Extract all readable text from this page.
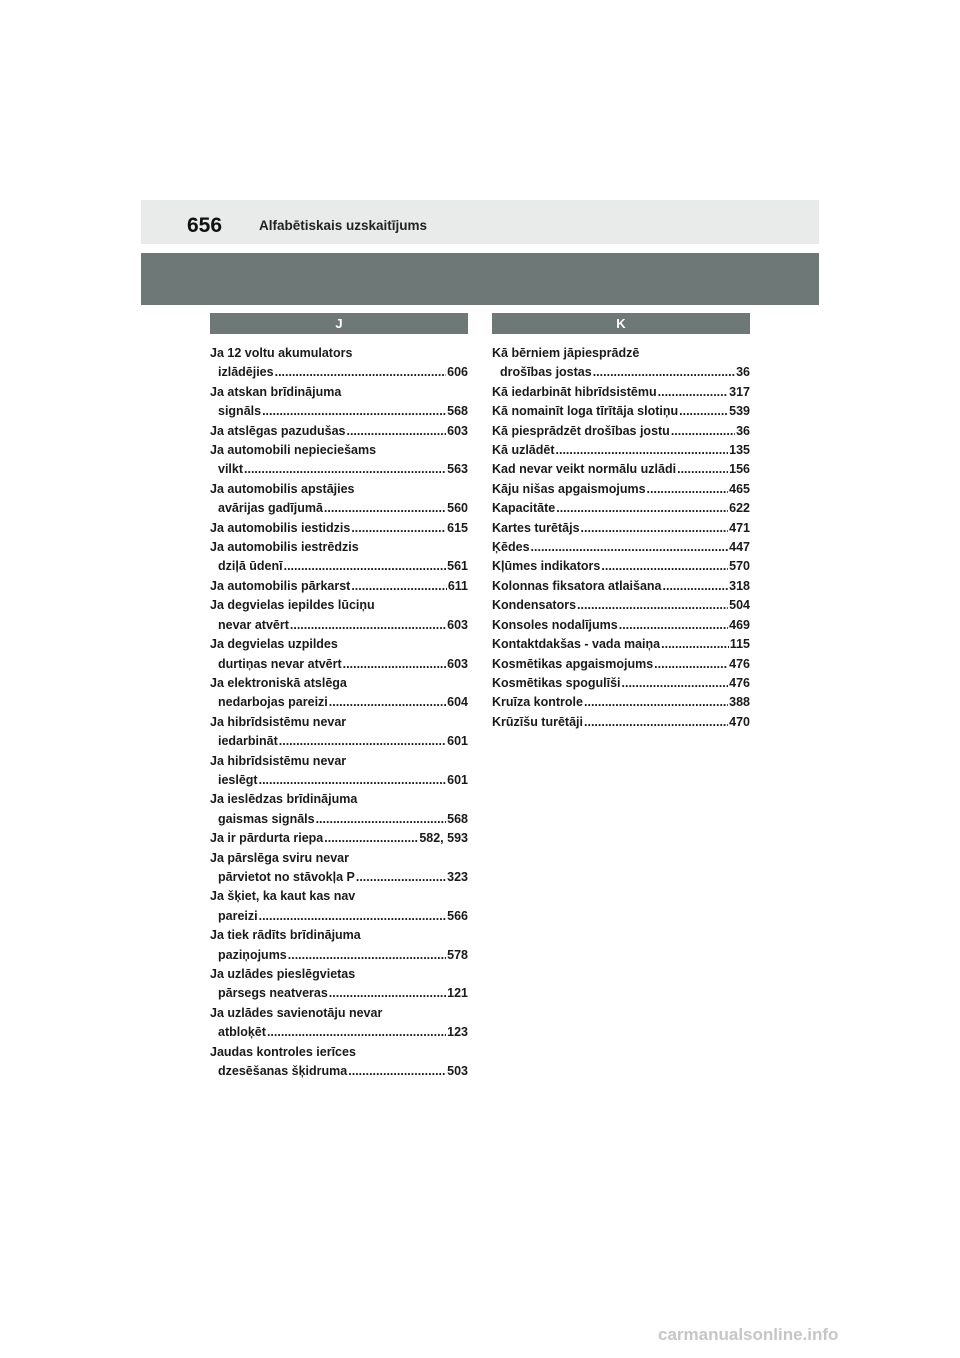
656	Alfabētiskais uzskaitījums
J
Ja 12 voltu akumulators
izlādējies .....	606
Ja atskan brīdinājuma
signāls .....	568
Ja atslēgas pazudušas .....	603
Ja automobili nepieciešams
vilkt .....	563
Ja automobilis apstājies
avārijas gadījumā .....	560
Ja automobilis iestidzis .....	615
Ja automobilis iestrēdzis
dziļā ūdenī .....	561
Ja automobilis pārkarst .....	611
Ja degvielas iepildes lūciņu
nevar atvērt .....	603
Ja degvielas uzpildes
durtiņas nevar atvērt .....	603
Ja elektroniskā atslēga
nedarbojas pareizi .....	604
Ja hibrīdsistēmu nevar
iedarbināt .....	601
Ja hibrīdsistēmu nevar
ieslēgt .....	601
Ja ieslēdzas brīdinājuma
gaismas signāls .....	568
Ja ir pārdurta riepa .....	582, 593
Ja pārslēga sviru nevar
pārvietot no stāvokļa P .....	323
Ja šķiet, ka kaut kas nav
pareizi .....	566
Ja tiek rādīts brīdinājuma
paziņojums .....	578
Ja uzlādes pieslēgvietas
pārsegs neatveras .....	121
Ja uzlādes savienotāju nevar
atbloķēt .....	123
Jaudas kontroles ierīces
dzesēšanas šķidruma .....	503
K
Kā bērniem jāpiesprādzē
drošības jostas .....	36
Kā iedarbināt hibrīdsistēmu .....	317
Kā nomainīt loga tīrītāja slotiņu .....	539
Kā piesprādzēt drošības jostu .....	36
Kā uzlādēt .....	135
Kad nevar veikt normālu uzlādi .....	156
Kāju nišas apgaismojums .....	465
Kapacitāte .....	622
Kartes turētājs .....	471
Ķēdes .....	447
Kļūmes indikators .....	570
Kolonnas fiksatora atlaišana .....	318
Kondensators .....	504
Konsoles nodalījums .....	469
Kontaktdakšas - vada maiņa .....	115
Kosmētikas apgaismojums .....	476
Kosmētikas spogulīši .....	476
Kruīza kontrole .....	388
Krūzīšu turētāji .....	470
carmanualsonline.info
